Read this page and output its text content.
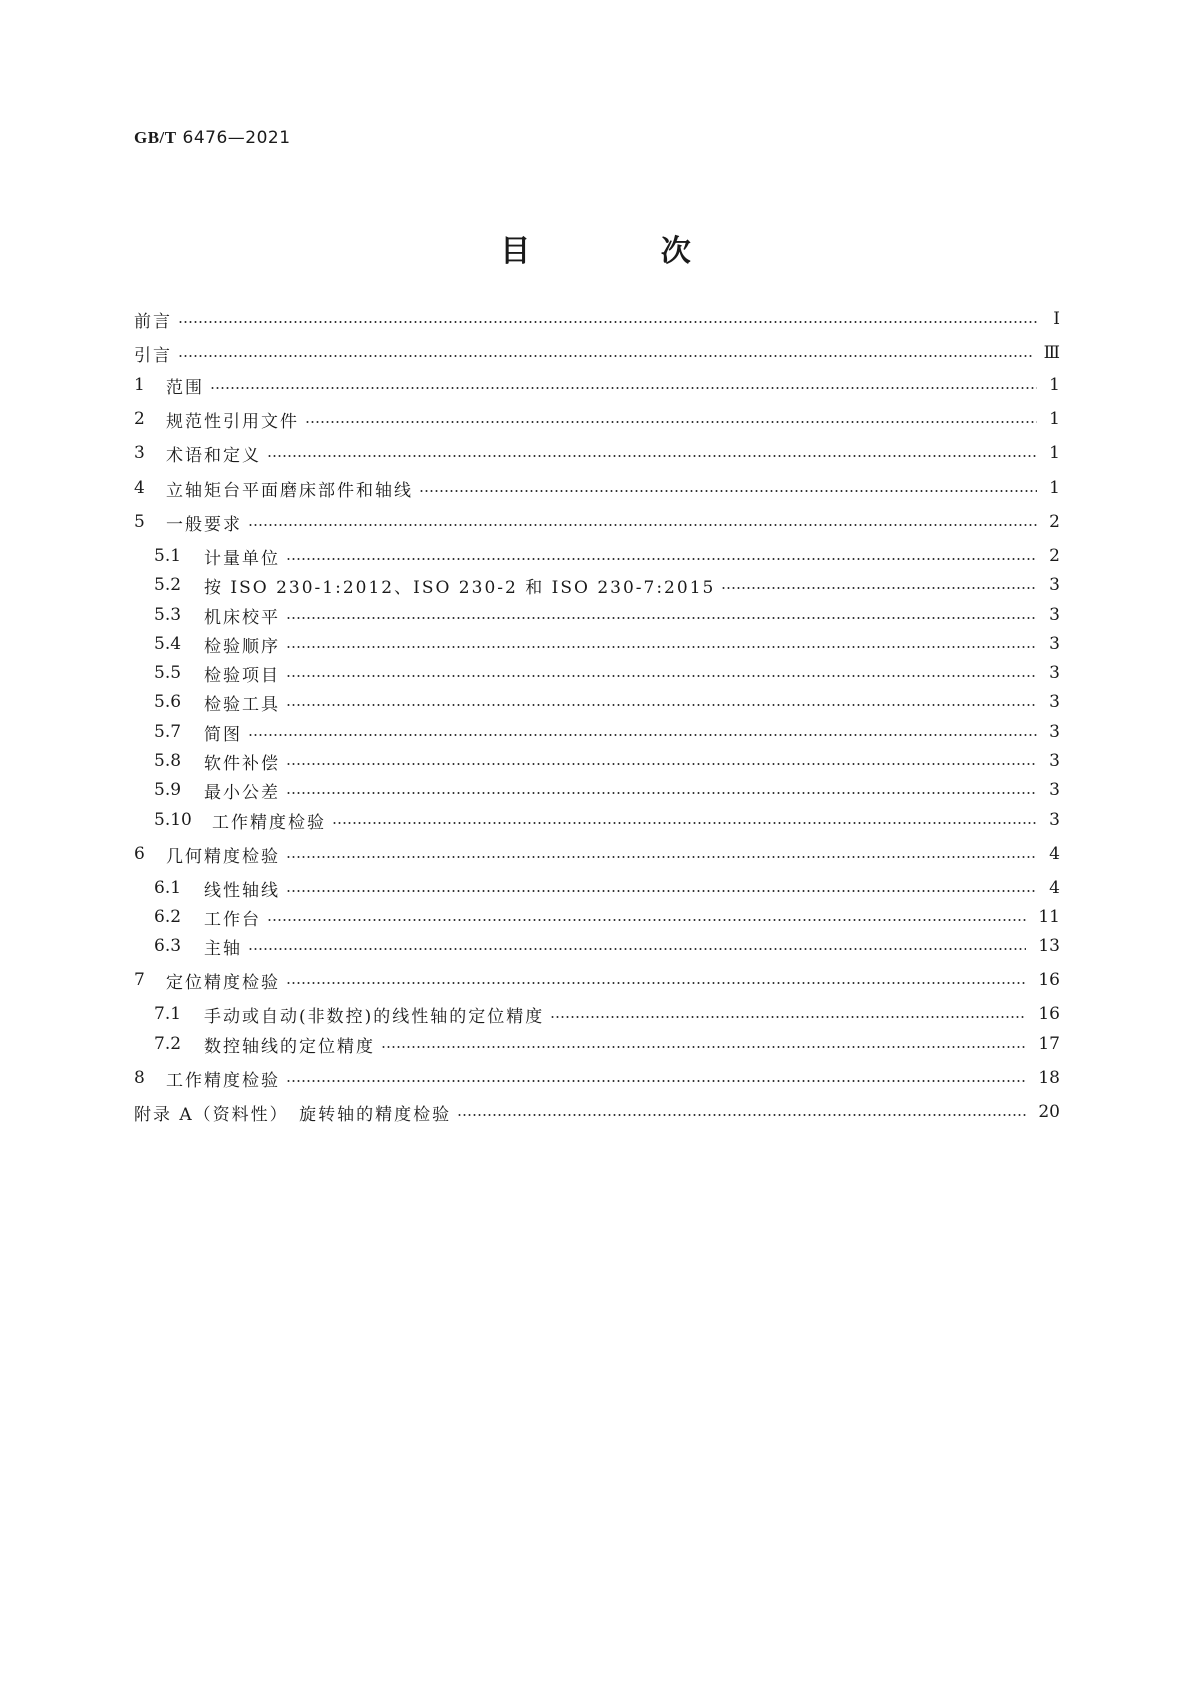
GB/T 6476—2021
目 次
前言	Ⅰ
引言	Ⅲ
1	范围	1
2	规范性引用文件	1
3	术语和定义	1
4	立轴矩台平面磨床部件和轴线	1
5	一般要求	2
5.1	计量单位	2
5.2	按 ISO 230-1:2012、ISO 230-2 和 ISO 230-7:2015	3
5.3	机床校平	3
5.4	检验顺序	3
5.5	检验项目	3
5.6	检验工具	3
5.7	简图	3
5.8	软件补偿	3
5.9	最小公差	3
5.10	工作精度检验	3
6	几何精度检验	4
6.1	线性轴线	4
6.2	工作台	11
6.3	主轴	13
7	定位精度检验	16
7.1	手动或自动(非数控)的线性轴的定位精度	16
7.2	数控轴线的定位精度	17
8	工作精度检验	18
附录 A（资料性）　旋转轴的精度检验	20
